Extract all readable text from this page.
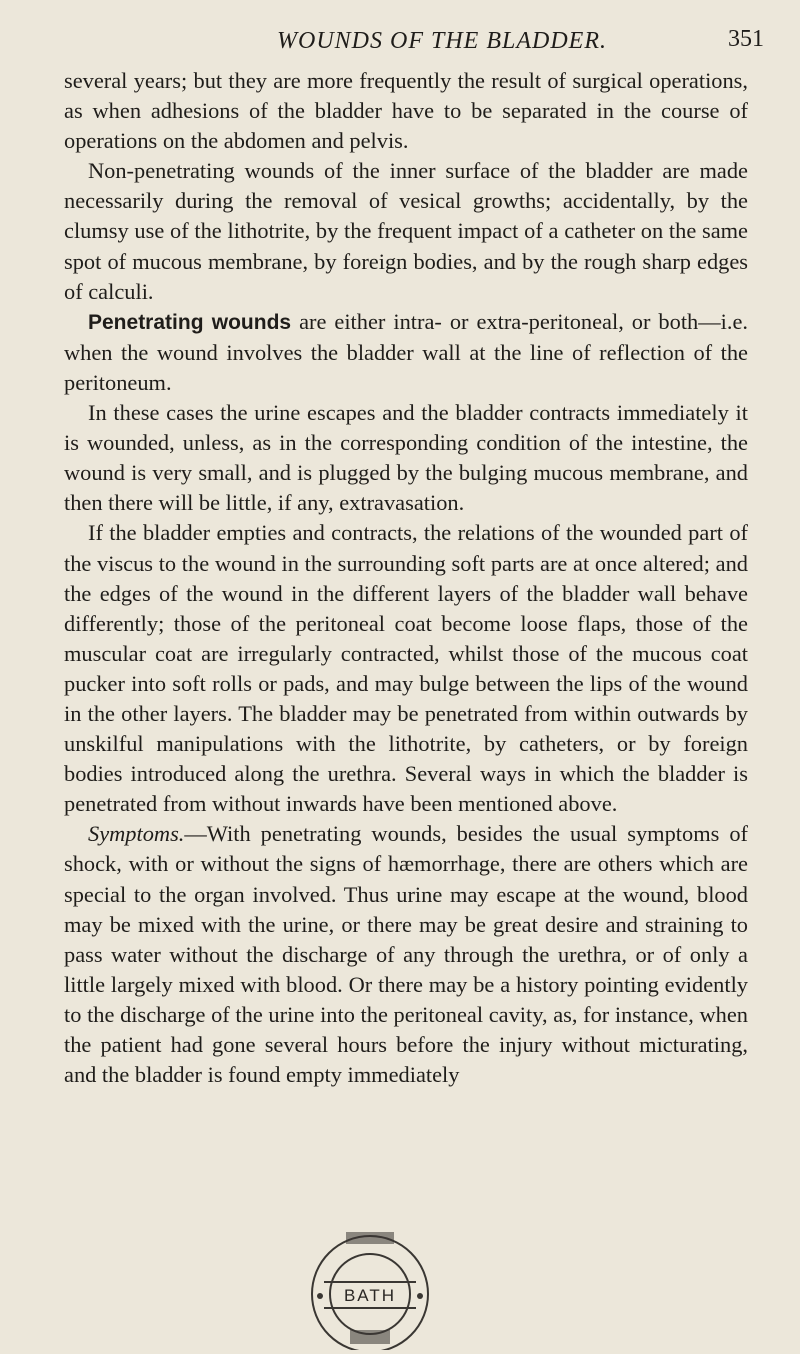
WOUNDS OF THE BLADDER.	351

several years; but they are more frequently the result of surgical operations, as when adhesions of the bladder have to be separated in the course of operations on the abdomen and pelvis.

Non-penetrating wounds of the inner surface of the bladder are made necessarily during the removal of vesical growths; accidentally, by the clumsy use of the lithotrite, by the frequent impact of a catheter on the same spot of mucous membrane, by foreign bodies, and by the rough sharp edges of calculi.

Penetrating wounds are either intra- or extra-peritoneal, or both—i.e. when the wound involves the bladder wall at the line of reflection of the peritoneum.

In these cases the urine escapes and the bladder contracts immediately it is wounded, unless, as in the corresponding condition of the intestine, the wound is very small, and is plugged by the bulging mucous membrane, and then there will be little, if any, extravasation.

If the bladder empties and contracts, the relations of the wounded part of the viscus to the wound in the surrounding soft parts are at once altered; and the edges of the wound in the different layers of the bladder wall behave differently; those of the peritoneal coat become loose flaps, those of the muscular coat are irregularly contracted, whilst those of the mucous coat pucker into soft rolls or pads, and may bulge between the lips of the wound in the other layers. The bladder may be penetrated from within outwards by unskilful manipulations with the lithotrite, by catheters, or by foreign bodies introduced along the urethra. Several ways in which the bladder is penetrated from without inwards have been mentioned above.

Symptoms.—With penetrating wounds, besides the usual symptoms of shock, with or without the signs of hæmorrhage, there are others which are special to the organ involved. Thus urine may escape at the wound, blood may be mixed with the urine, or there may be great desire and straining to pass water without the discharge of any through the urethra, or of only a little largely mixed with blood. Or there may be a history pointing evidently to the discharge of the urine into the peritoneal cavity, as, for instance, when the patient had gone several hours before the injury without micturating, and the bladder is found empty immediately

BATH
